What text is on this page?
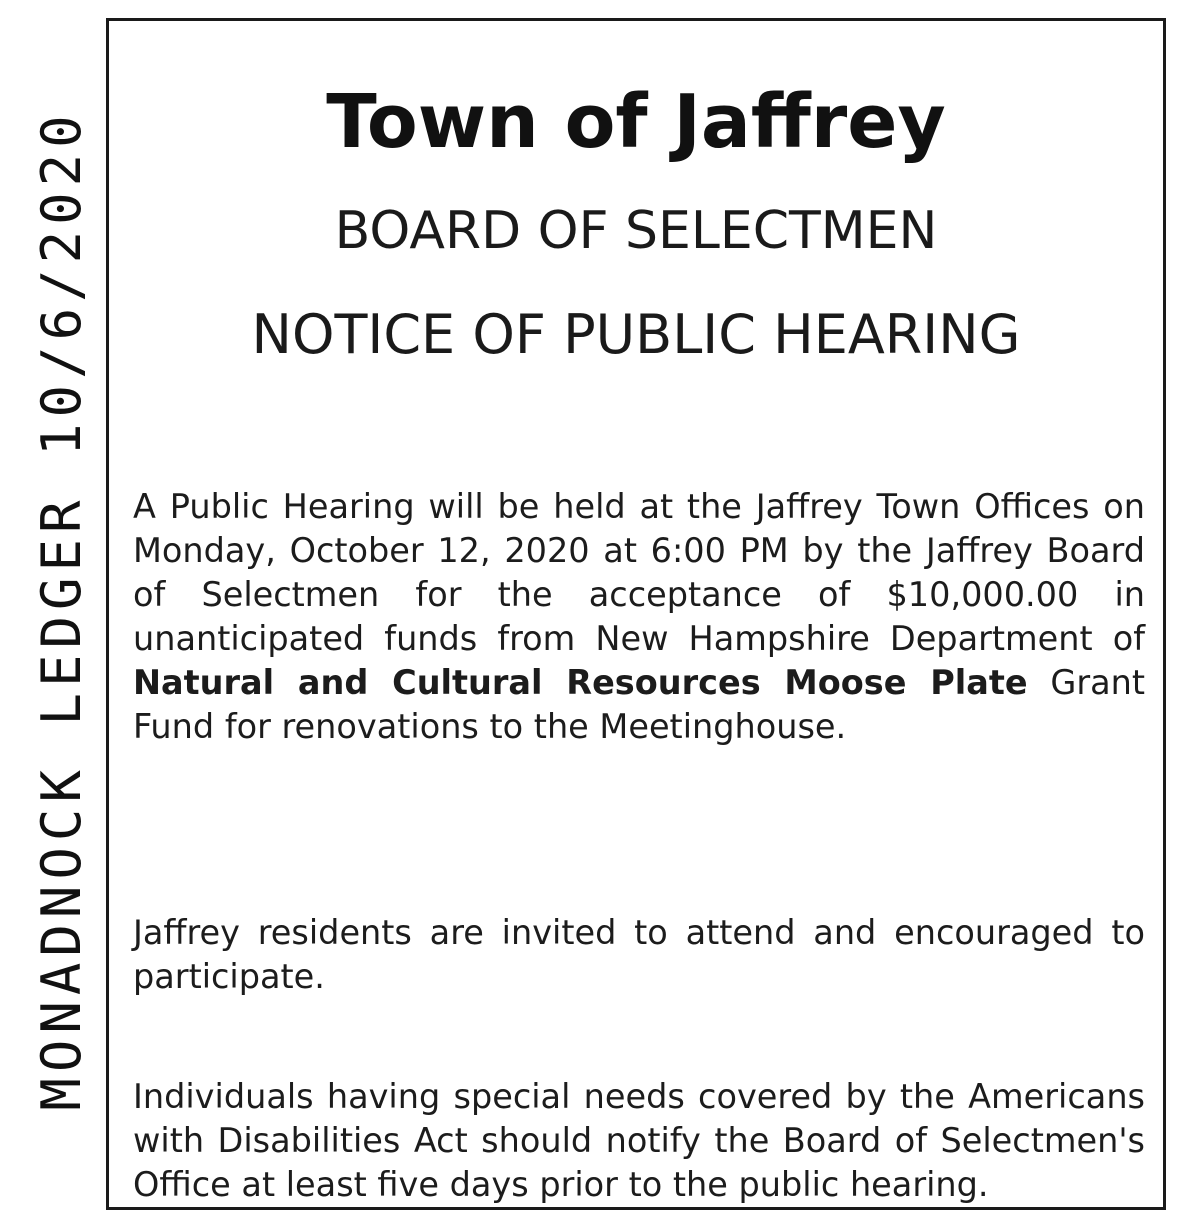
MONADNOCK LEDGER 10/6/2020	Town of Jaffrey
BOARD OF SELECTMEN
NOTICE OF PUBLIC HEARING

A Public Hearing will be held at the Jaffrey Town Offices on Monday, October 12, 2020 at 6:00 PM by the Jaffrey Board of Selectmen for the acceptance of $10,000.00 in unanticipated funds from New Hampshire Department of Natural and Cultural Resources Moose Plate Grant Fund for renovations to the Meetinghouse.

Jaffrey residents are invited to attend and encouraged to participate.

Individuals having special needs covered by the Americans with Disabilities Act should notify the Board of Selectmen's Office at least five days prior to the public hearing.
